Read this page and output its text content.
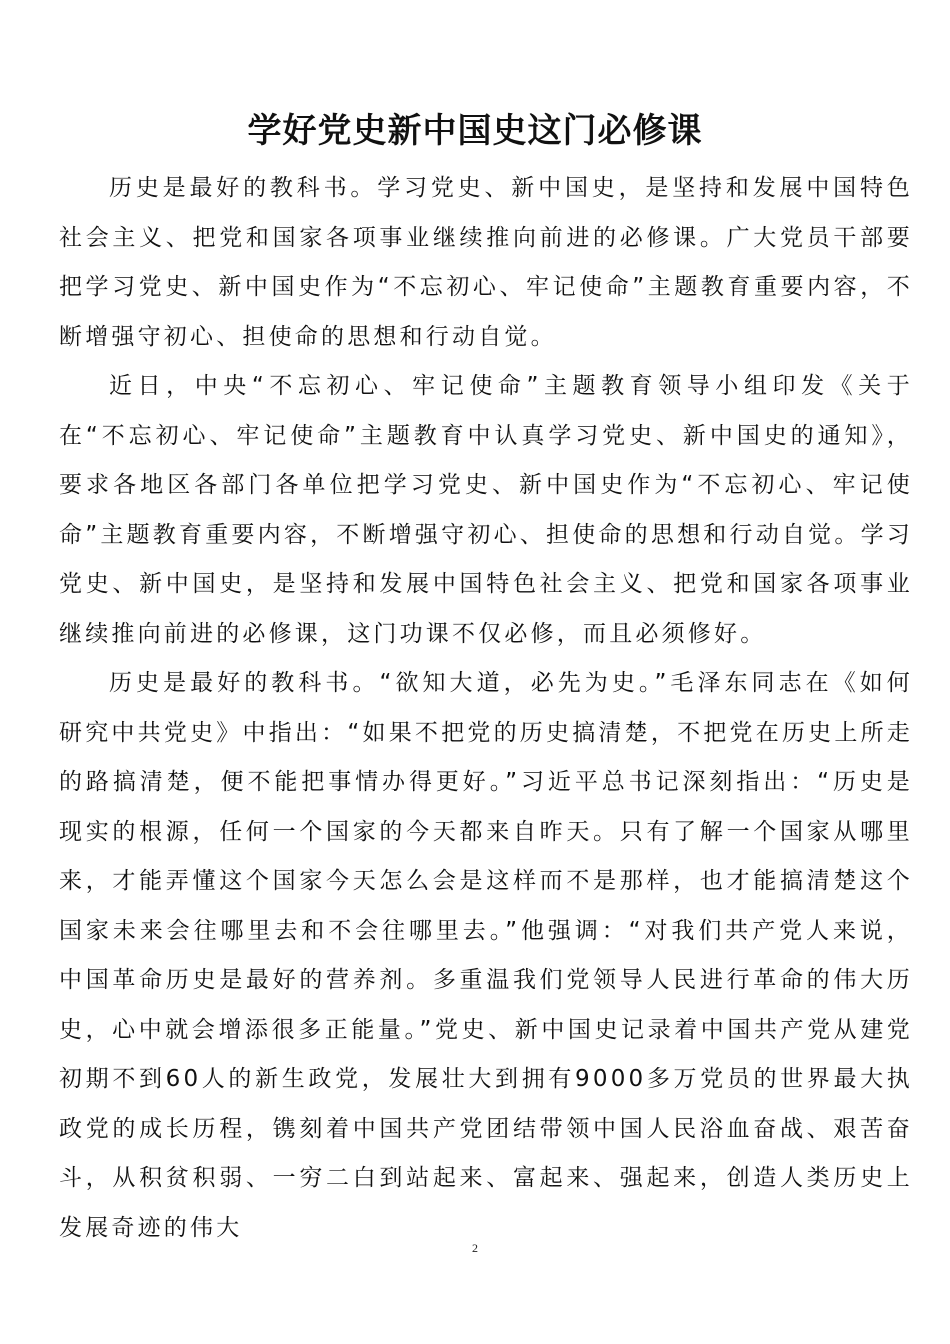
学好党史新中国史这门必修课

历史是最好的教科书。学习党史、新中国史，是坚持和发展中国特色社会主义、把党和国家各项事业继续推向前进的必修课。广大党员干部要把学习党史、新中国史作为“不忘初心、牢记使命”主题教育重要内容，不断增强守初心、担使命的思想和行动自觉。

近日，中央“不忘初心、牢记使命”主题教育领导小组印发《关于在“不忘初心、牢记使命”主题教育中认真学习党史、新中国史的通知》，要求各地区各部门各单位把学习党史、新中国史作为“不忘初心、牢记使命”主题教育重要内容，不断增强守初心、担使命的思想和行动自觉。学习党史、新中国史，是坚持和发展中国特色社会主义、把党和国家各项事业继续推向前进的必修课，这门功课不仅必修，而且必须修好。

历史是最好的教科书。“欲知大道，必先为史。”毛泽东同志在《如何研究中共党史》中指出：“如果不把党的历史搞清楚，不把党在历史上所走的路搞清楚，便不能把事情办得更好。”习近平总书记深刻指出：“历史是现实的根源，任何一个国家的今天都来自昨天。只有了解一个国家从哪里来，才能弄懂这个国家今天怎么会是这样而不是那样，也才能搞清楚这个国家未来会往哪里去和不会往哪里去。”他强调：“对我们共产党人来说，中国革命历史是最好的营养剂。多重温我们党领导人民进行革命的伟大历史，心中就会增添很多正能量。”党史、新中国史记录着中国共产党从建党初期不到60人的新生政党，发展壮大到拥有9000多万党员的世界最大执政党的成长历程，镌刻着中国共产党团结带领中国人民浴血奋战、艰苦奋斗，从积贫积弱、一穷二白到站起来、富起来、强起来，创造人类历史上发展奇迹的伟大

2
